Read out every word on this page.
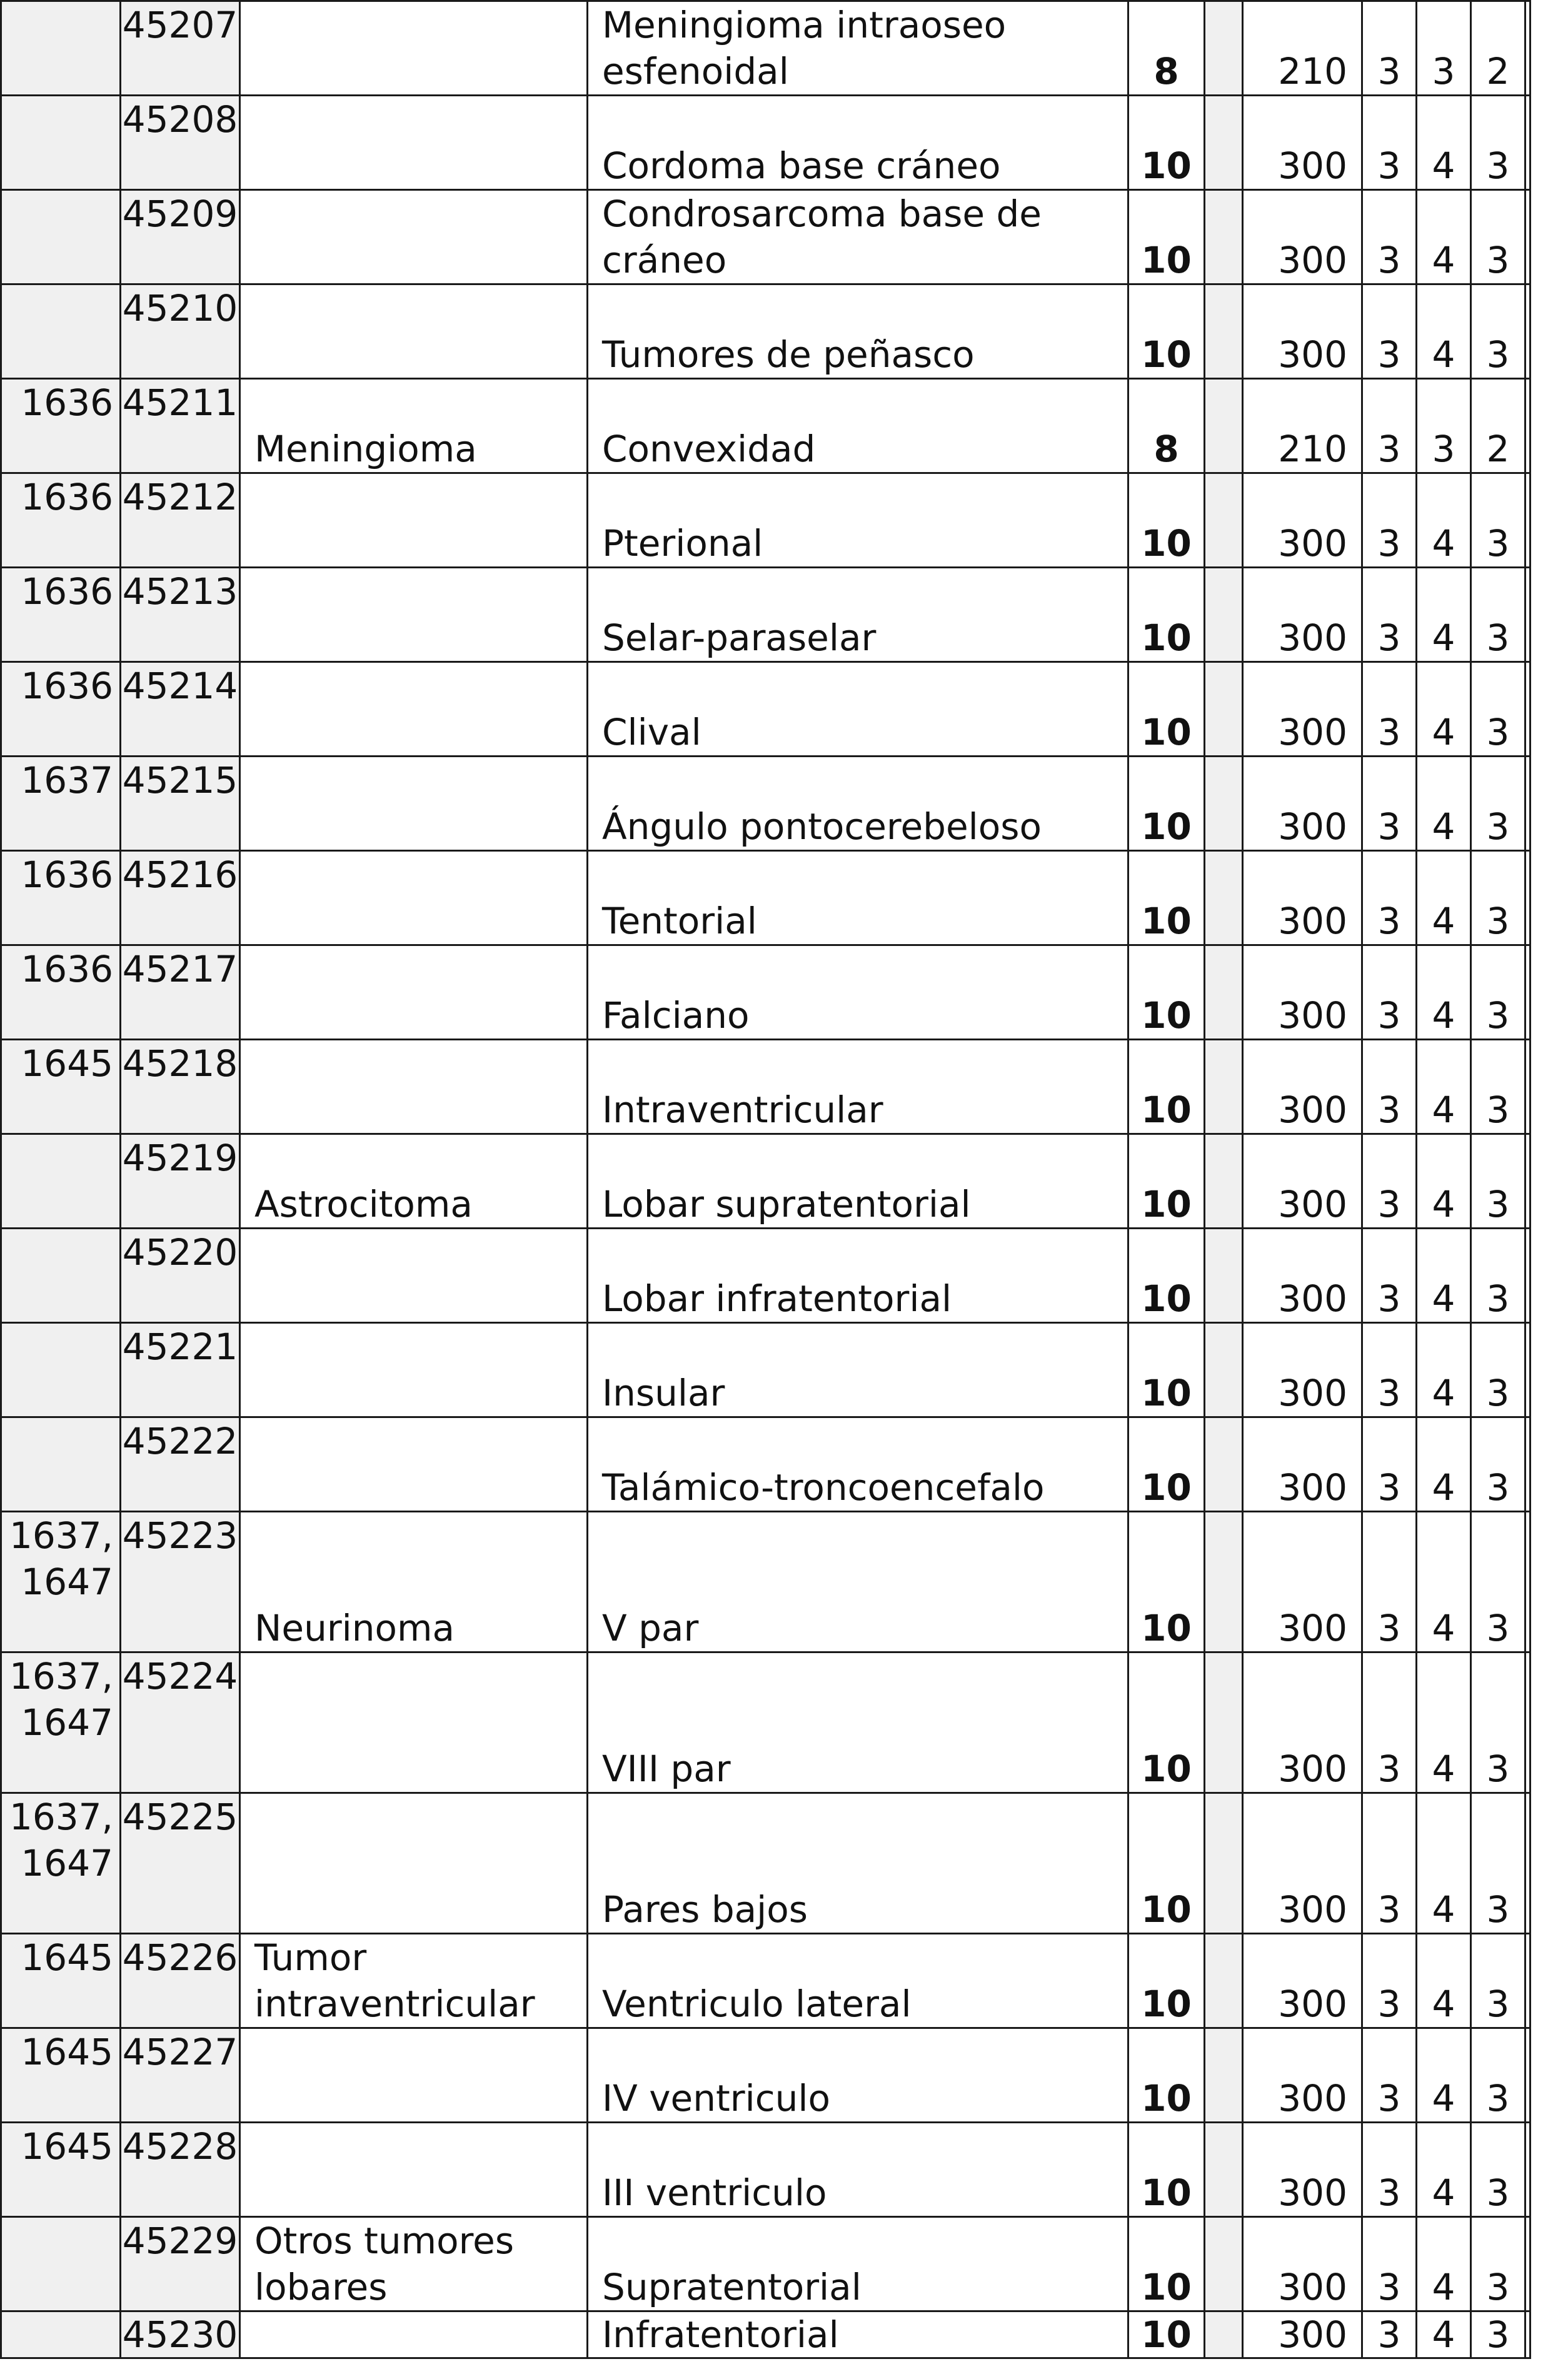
	45207		Meningioma intraoseo esfenoidal	8		210	3	3	2	
	45208		Cordoma base cráneo	10		300	3	4	3	
	45209		Condrosarcoma base de cráneo	10		300	3	4	3	
	45210		Tumores de peñasco	10		300	3	4	3	
1636	45211	Meningioma	Convexidad	8		210	3	3	2	
1636	45212		Pterional	10		300	3	4	3	
1636	45213		Selar-paraselar	10		300	3	4	3	
1636	45214		Clival	10		300	3	4	3	
1637	45215		Ángulo pontocerebeloso	10		300	3	4	3	
1636	45216		Tentorial	10		300	3	4	3	
1636	45217		Falciano	10		300	3	4	3	
1645	45218		Intraventricular	10		300	3	4	3	
	45219	Astrocitoma	Lobar supratentorial	10		300	3	4	3	
	45220		Lobar infratentorial	10		300	3	4	3	
	45221		Insular	10		300	3	4	3	
	45222		Talámico-troncoencefalo	10		300	3	4	3	
1637, 1647	45223	Neurinoma	V par	10		300	3	4	3	
1637, 1647	45224		VIII par	10		300	3	4	3	
1637, 1647	45225		Pares bajos	10		300	3	4	3	
1645	45226	Tumor intraventricular	Ventriculo lateral	10		300	3	4	3	
1645	45227		IV ventriculo	10		300	3	4	3	
1645	45228		III ventriculo	10		300	3	4	3	
	45229	Otros tumores lobares	Supratentorial	10		300	3	4	3	
	45230		Infratentorial	10		300	3	4	3	
